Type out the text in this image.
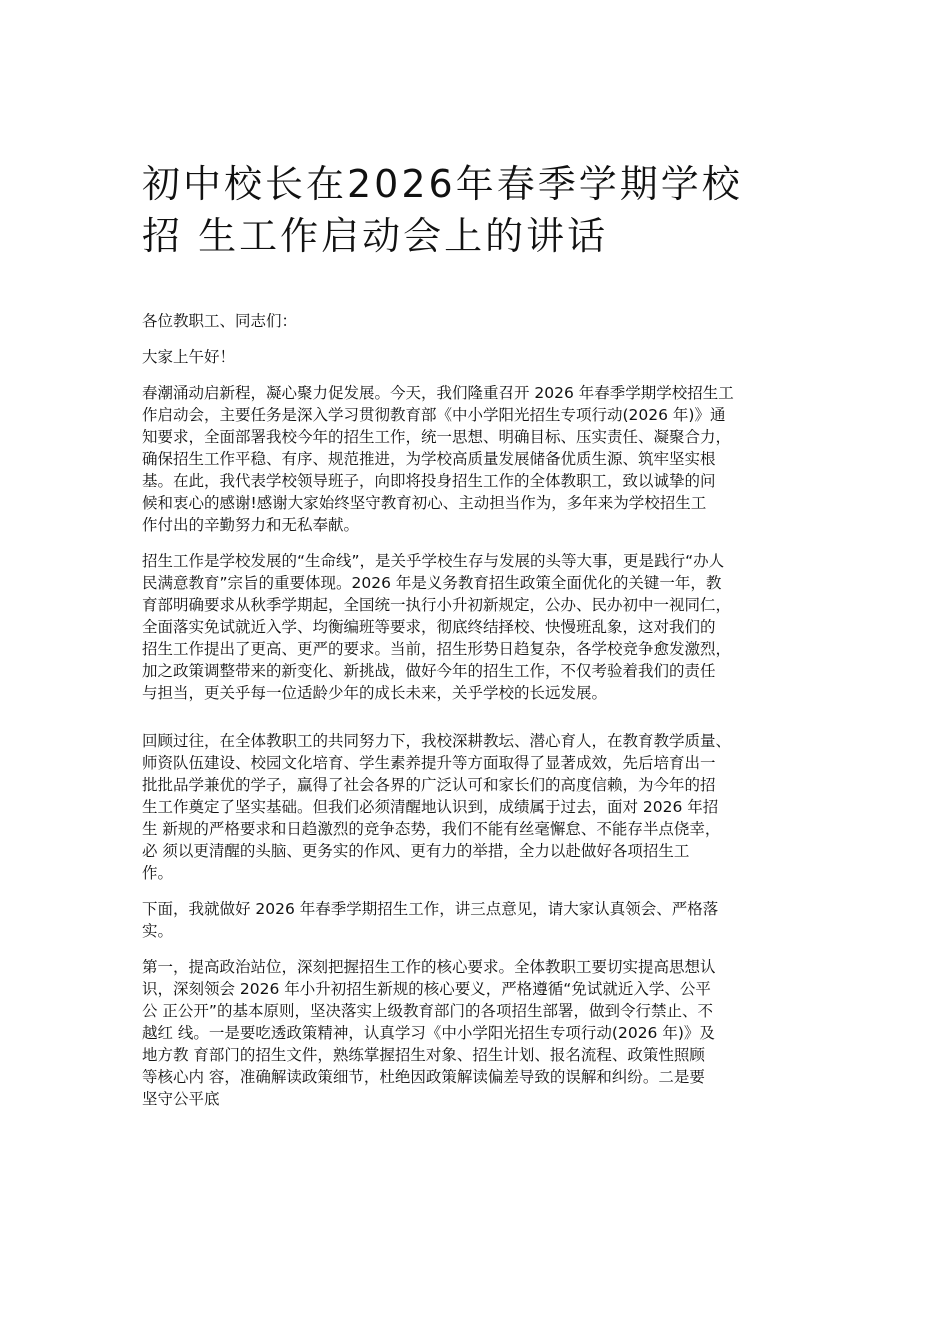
初中校长在2026年春季学期学校
招 生工作启动会上的讲话

各位教职工、同志们：

大家上午好！

春潮涌动启新程，凝心聚力促发展。今天，我们隆重召开 2026 年春季学期学校招生工
作启动会，主要任务是深入学习贯彻教育部《中小学阳光招生专项行动(2026 年)》通
知要求，全面部署我校今年的招生工作，统一思想、明确目标、压实责任、凝聚合力，
确保招生工作平稳、有序、规范推进，为学校高质量发展储备优质生源、筑牢坚实根
基。在此，我代表学校领导班子，向即将投身招生工作的全体教职工，致以诚挚的问
候和衷心的感谢!感谢大家始终坚守教育初心、主动担当作为，多年来为学校招生工
作付出的辛勤努力和无私奉献。
招生工作是学校发展的“生命线”，是关乎学校生存与发展的头等大事，更是践行“办人
民满意教育”宗旨的重要体现。2026 年是义务教育招生政策全面优化的关键一年，教
育部明确要求从秋季学期起，全国统一执行小升初新规定，公办、民办初中一视同仁，
全面落实免试就近入学、均衡编班等要求，彻底终结择校、快慢班乱象，这对我们的
招生工作提出了更高、更严的要求。当前，招生形势日趋复杂，各学校竞争愈发激烈，
加之政策调整带来的新变化、新挑战，做好今年的招生工作，不仅考验着我们的责任
与担当，更关乎每一位适龄少年的成长未来，关乎学校的长远发展。
回顾过往，在全体教职工的共同努力下，我校深耕教坛、潜心育人，在教育教学质量、
师资队伍建设、校园文化培育、学生素养提升等方面取得了显著成效，先后培育出一
批批品学兼优的学子，赢得了社会各界的广泛认可和家长们的高度信赖，为今年的招
生工作奠定了坚实基础。但我们必须清醒地认识到，成绩属于过去，面对 2026 年招
生 新规的严格要求和日趋激烈的竞争态势，我们不能有丝毫懈怠、不能存半点侥幸，
必 须以更清醒的头脑、更务实的作风、更有力的举措，全力以赴做好各项招生工
作。
下面，我就做好 2026 年春季学期招生工作，讲三点意见，请大家认真领会、严格落
实。
第一，提高政治站位，深刻把握招生工作的核心要求。全体教职工要切实提高思想认
识，深刻领会 2026 年小升初招生新规的核心要义，严格遵循“免试就近入学、公平
公 正公开”的基本原则，坚决落实上级教育部门的各项招生部署，做到令行禁止、不
越红 线。一是要吃透政策精神，认真学习《中小学阳光招生专项行动(2026 年)》及
地方教 育部门的招生文件，熟练掌握招生对象、招生计划、报名流程、政策性照顾
等核心内 容，准确解读政策细节，杜绝因政策解读偏差导致的误解和纠纷。二是要
坚守公平底
